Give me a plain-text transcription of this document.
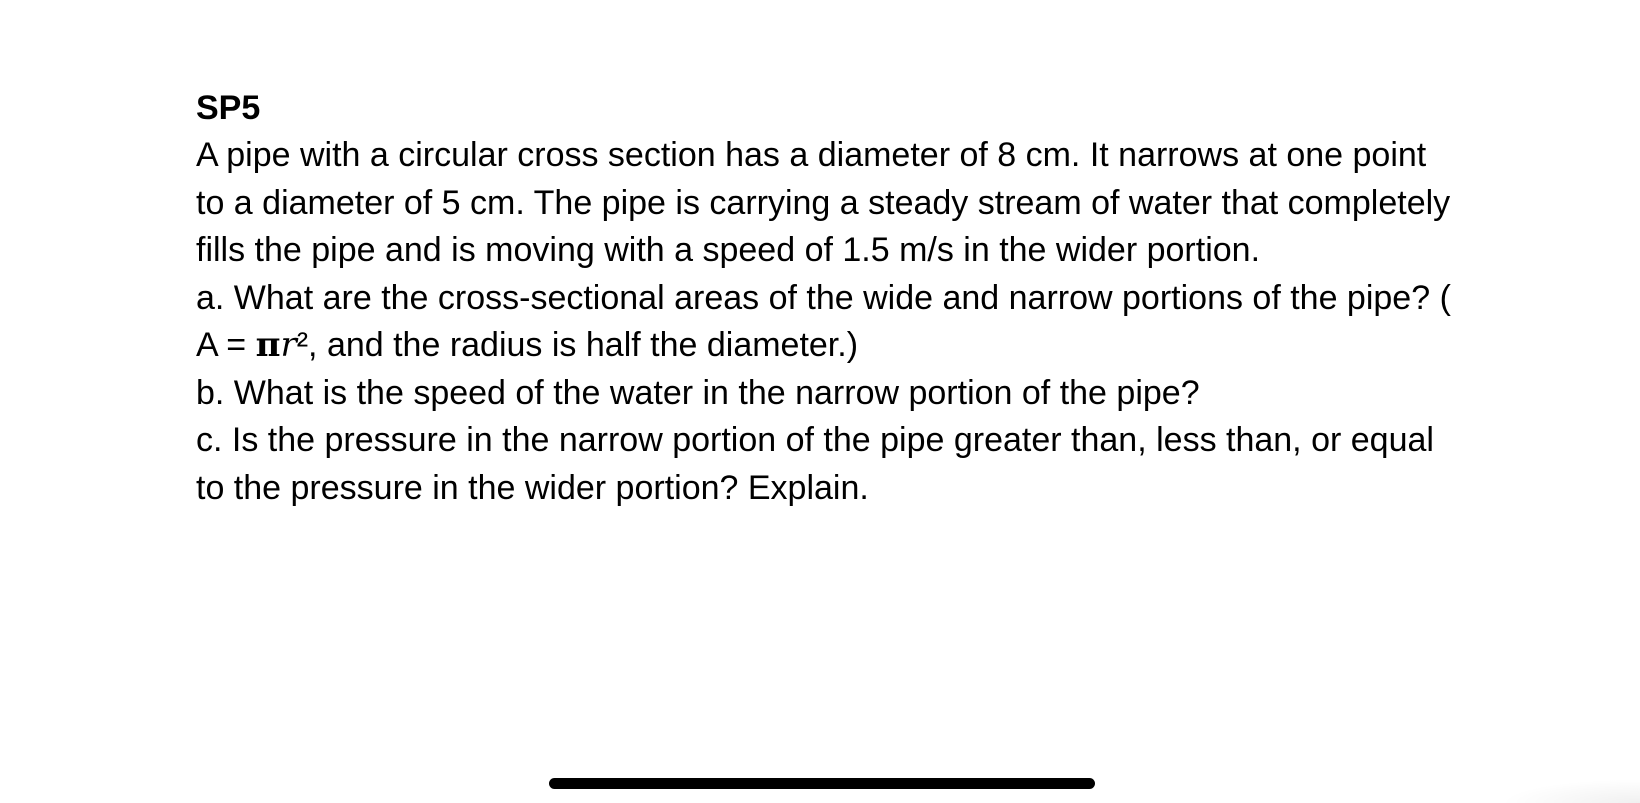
SP5

A pipe with a circular cross section has a diameter of 8 cm. It narrows at one point to a diameter of 5 cm. The pipe is carrying a steady stream of water that completely fills the pipe and is moving with a speed of 1.5 m/s in the wider portion.

a. What are the cross-sectional areas of the wide and narrow portions of the pipe? ( A = πr², and the radius is half the diameter.)

b. What is the speed of the water in the narrow portion of the pipe?

c. Is the pressure in the narrow portion of the pipe greater than, less than, or equal to the pressure in the wider portion? Explain.
